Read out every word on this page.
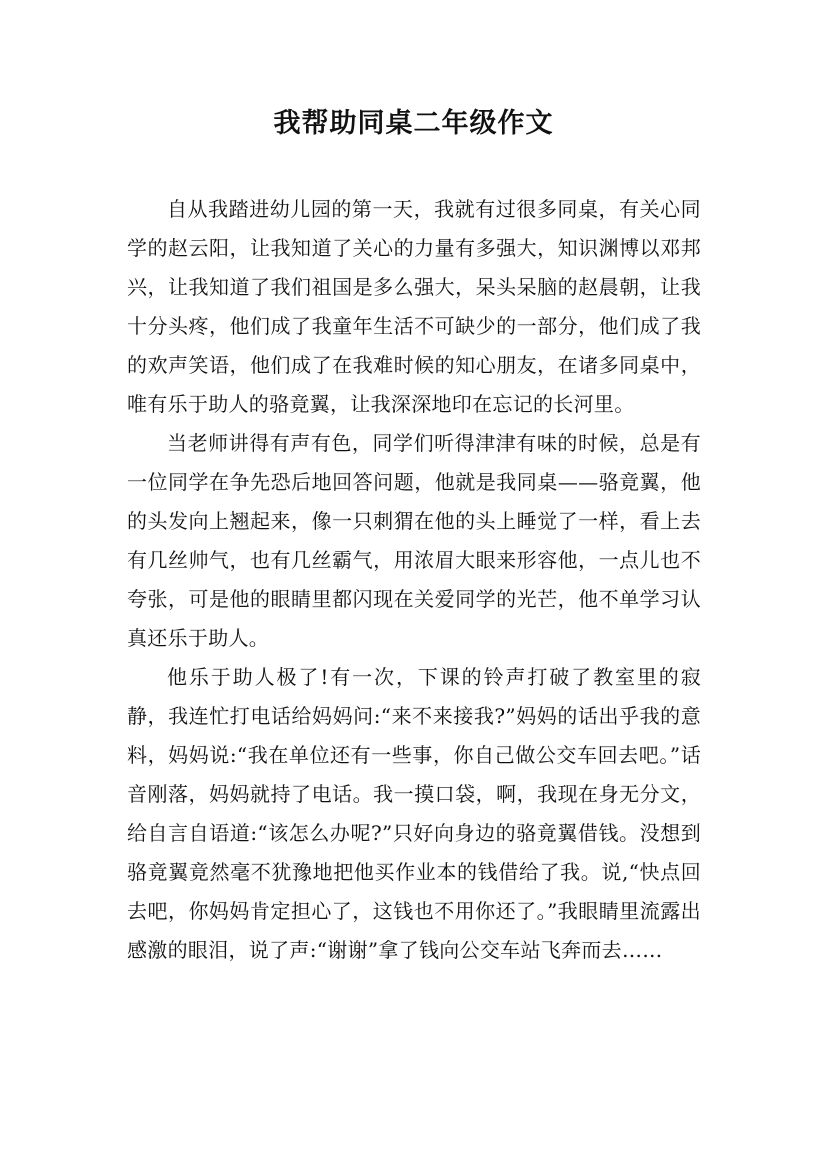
我帮助同桌二年级作文

自从我踏进幼儿园的第一天，我就有过很多同桌，有关心同学的赵云阳，让我知道了关心的力量有多强大，知识渊博以邓邦兴，让我知道了我们祖国是多么强大，呆头呆脑的赵晨朝，让我十分头疼，他们成了我童年生活不可缺少的一部分，他们成了我的欢声笑语，他们成了在我难时候的知心朋友，在诸多同桌中，唯有乐于助人的骆竟翼，让我深深地印在忘记的长河里。

当老师讲得有声有色，同学们听得津津有味的时候，总是有一位同学在争先恐后地回答问题，他就是我同桌——骆竟翼，他的头发向上翘起来，像一只刺猬在他的头上睡觉了一样，看上去有几丝帅气，也有几丝霸气，用浓眉大眼来形容他，一点儿也不夸张，可是他的眼睛里都闪现在关爱同学的光芒，他不单学习认真还乐于助人。

他乐于助人极了!有一次，下课的铃声打破了教室里的寂静，我连忙打电话给妈妈问:“来不来接我?”妈妈的话出乎我的意料，妈妈说:“我在单位还有一些事，你自己做公交车回去吧。”话音刚落，妈妈就持了电话。我一摸口袋，啊，我现在身无分文，给自言自语道:“该怎么办呢?”只好向身边的骆竟翼借钱。没想到骆竟翼竟然毫不犹豫地把他买作业本的钱借给了我。说,“快点回去吧，你妈妈肯定担心了，这钱也不用你还了。”我眼睛里流露出感激的眼泪，说了声:“谢谢”拿了钱向公交车站飞奔而去……
